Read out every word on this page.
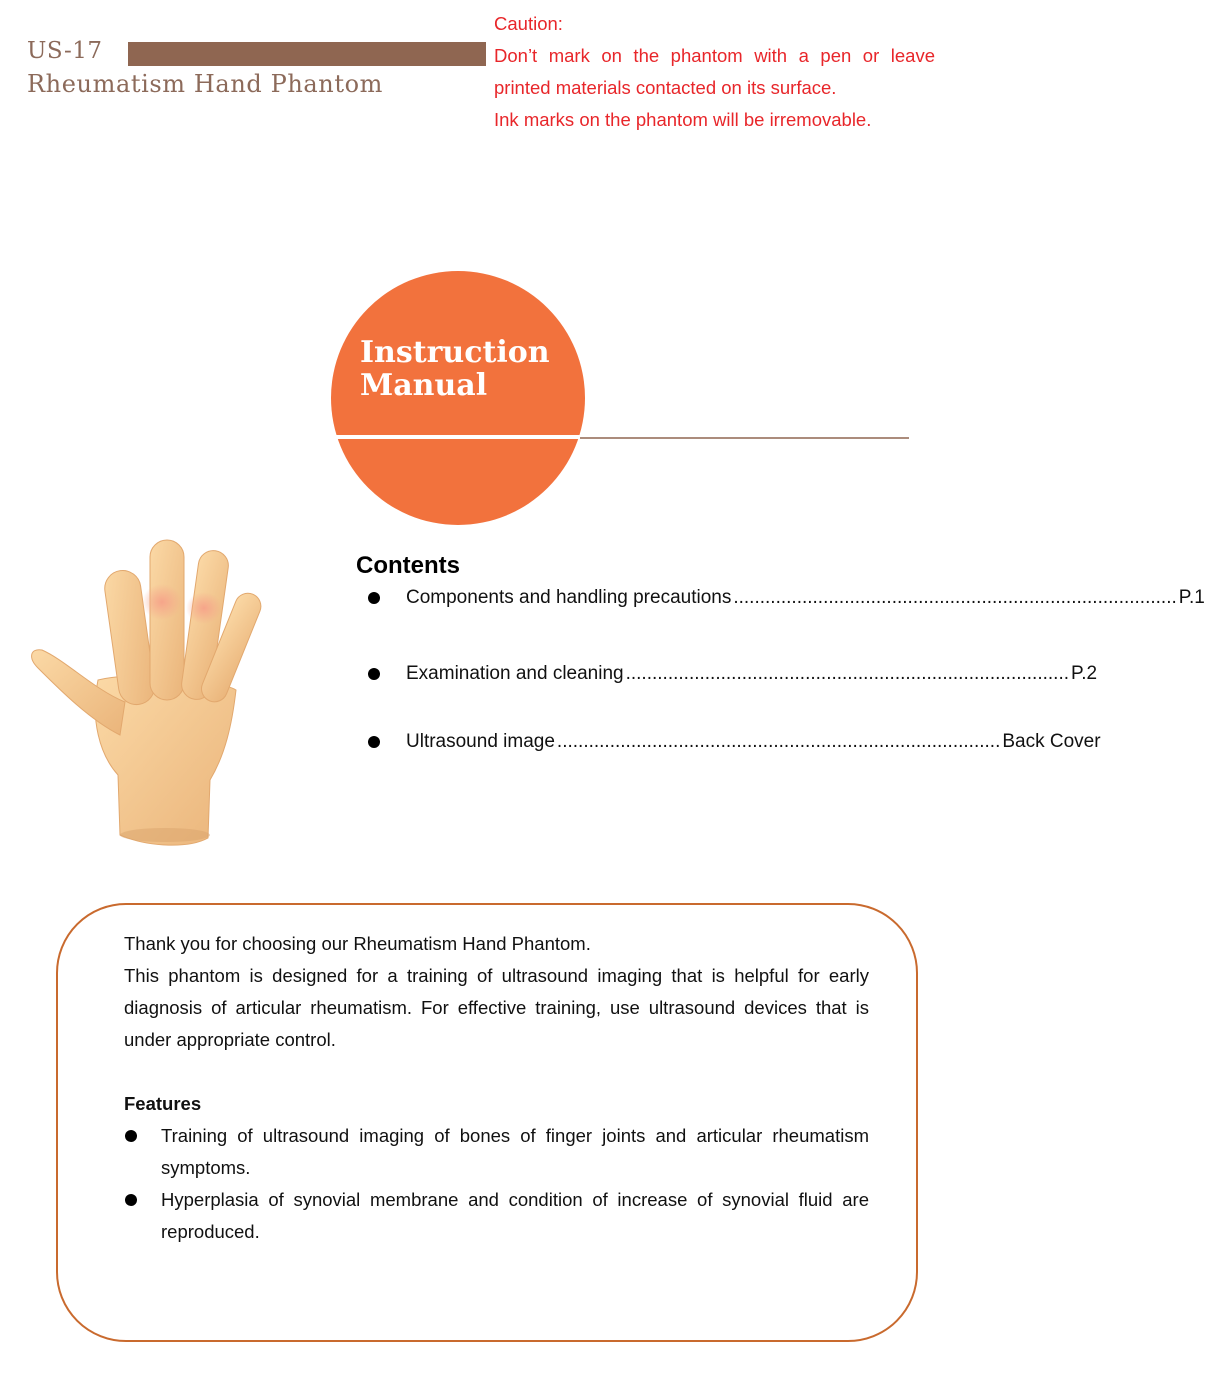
US-17
Rheumatism Hand Phantom
Caution:
Don’t mark on the phantom with a pen or leave
printed materials contacted on its surface.
Ink marks on the phantom will be irremovable.
Instruction
Manual
Contents
Components and handling precautions .................................................................................... P.1
Examination and cleaning .................................................................................... P.2
Ultrasound image .................................................................................... Back Cover

Thank you for choosing our Rheumatism Hand Phantom.

This phantom is designed for a training of ultrasound imaging that is helpful for early diagnosis of articular rheumatism. For effective training, use ultrasound devices that is under appropriate control.

Features

Training of ultrasound imaging of bones of finger joints and articular rheumatism symptoms.
Hyperplasia of synovial membrane and condition of increase of synovial fluid are reproduced.
